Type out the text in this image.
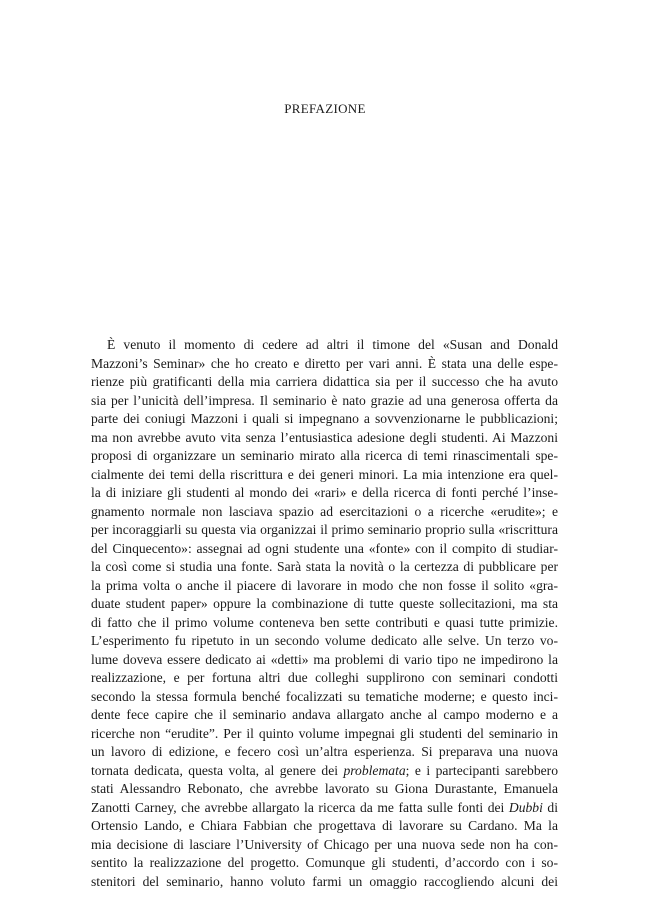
PREFAZIONE
È venuto il momento di cedere ad altri il timone del «Susan and Donald
Mazzoni’s Seminar» che ho creato e diretto per vari anni. È stata una delle espe-
rienze più gratificanti della mia carriera didattica sia per il successo che ha avuto
sia per l’unicità dell’impresa. Il seminario è nato grazie ad una generosa offerta da
parte dei coniugi Mazzoni i quali si impegnano a sovvenzionarne le pubblicazioni;
ma non avrebbe avuto vita senza l’entusiastica adesione degli studenti. Ai Mazzoni
proposi di organizzare un seminario mirato alla ricerca di temi rinascimentali spe-
cialmente dei temi della riscrittura e dei generi minori. La mia intenzione era quel-
la di iniziare gli studenti al mondo dei «rari» e della ricerca di fonti perché l’inse-
gnamento normale non lasciava spazio ad esercitazioni o a ricerche «erudite»; e
per incoraggiarli su questa via organizzai il primo seminario proprio sulla «riscrittura
del Cinquecento»: assegnai ad ogni studente una «fonte» con il compito di studiar-
la così come si studia una fonte. Sarà stata la novità o la certezza di pubblicare per
la prima volta o anche il piacere di lavorare in modo che non fosse il solito «gra-
duate student paper» oppure la combinazione di tutte queste sollecitazioni, ma sta
di fatto che il primo volume conteneva ben sette contributi e quasi tutte primizie.
L’esperimento fu ripetuto in un secondo volume dedicato alle selve. Un terzo vo-
lume doveva essere dedicato ai «detti» ma problemi di vario tipo ne impedirono la
realizzazione, e per fortuna altri due colleghi supplirono con seminari condotti
secondo la stessa formula benché focalizzati su tematiche moderne; e questo inci-
dente fece capire che il seminario andava allargato anche al campo moderno e a
ricerche non “erudite”. Per il quinto volume impegnai gli studenti del seminario in
un lavoro di edizione, e fecero così un’altra esperienza. Si preparava una nuova
tornata dedicata, questa volta, al genere dei problemata; e i partecipanti sarebbero
stati Alessandro Rebonato, che avrebbe lavorato su Giona Durastante, Emanuela
Zanotti Carney, che avrebbe allargato la ricerca da me fatta sulle fonti dei Dubbi di
Ortensio Lando, e Chiara Fabbian che progettava di lavorare su Cardano. Ma la
mia decisione di lasciare l’University of Chicago per una nuova sede non ha con-
sentito la realizzazione del progetto. Comunque gli studenti, d’accordo con i so-
stenitori del seminario, hanno voluto farmi un omaggio raccogliendo alcuni dei
